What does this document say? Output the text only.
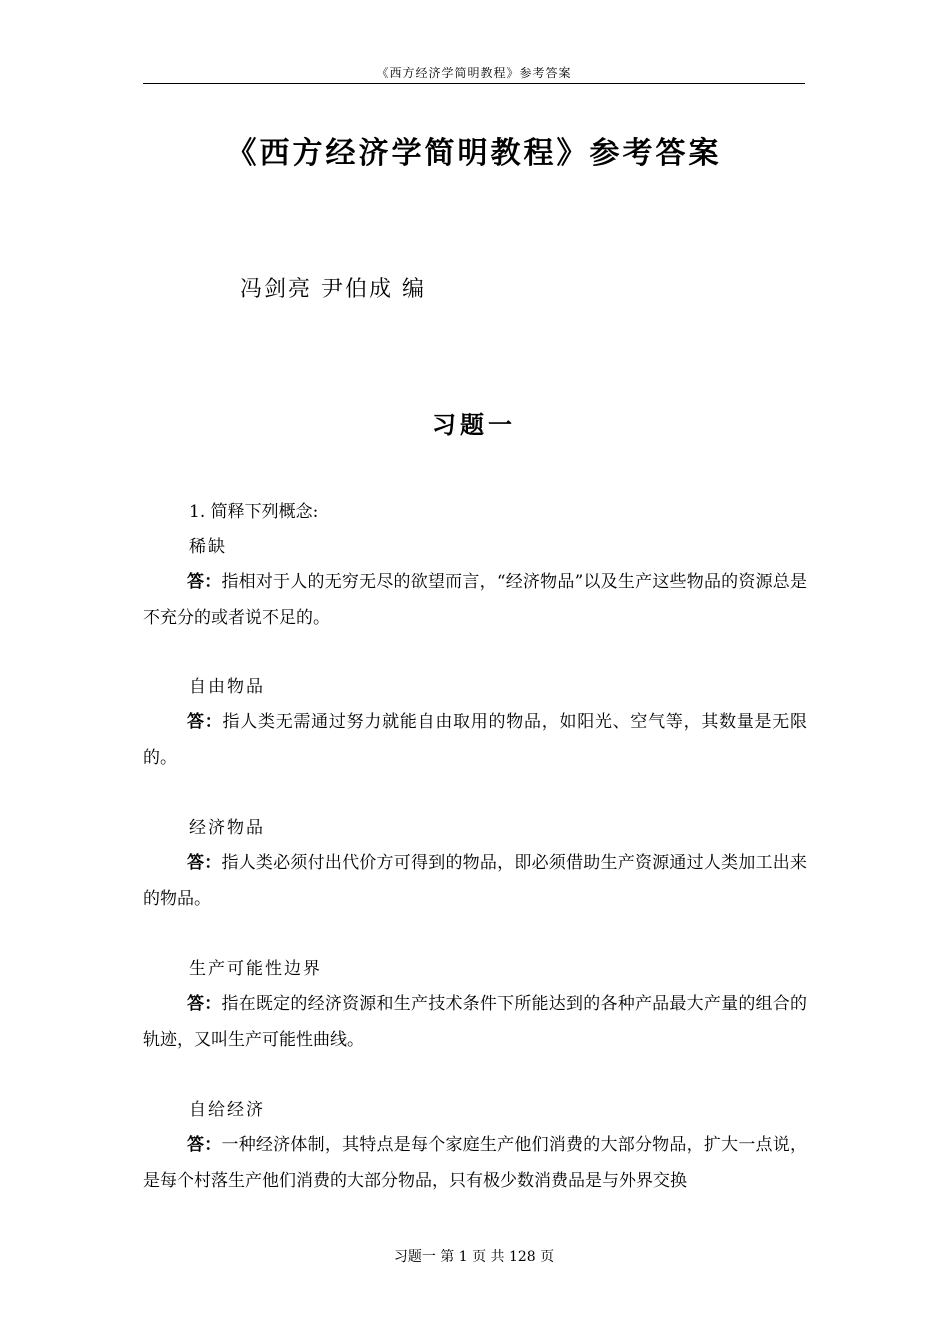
《西方经济学简明教程》参考答案
《西方经济学简明教程》参考答案
冯剑亮 尹伯成 编
习题一
1. 简释下列概念:
稀缺
答：指相对于人的无穷无尽的欲望而言，“经济物品”以及生产这些物品的资源总是不充分的或者说不足的。
自由物品
答：指人类无需通过努力就能自由取用的物品，如阳光、空气等，其数量是无限的。
经济物品
答：指人类必须付出代价方可得到的物品，即必须借助生产资源通过人类加工出来的物品。
生产可能性边界
答：指在既定的经济资源和生产技术条件下所能达到的各种产品最大产量的组合的轨迹，又叫生产可能性曲线。
自给经济
答：一种经济体制，其特点是每个家庭生产他们消费的大部分物品，扩大一点说，是每个村落生产他们消费的大部分物品，只有极少数消费品是与外界交换
习题一 第 1 页 共 128 页
